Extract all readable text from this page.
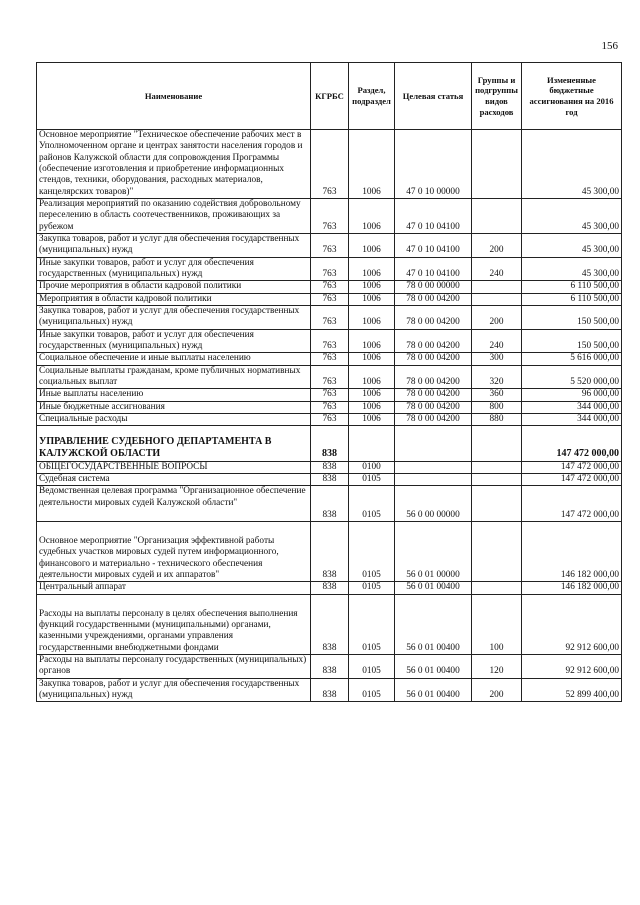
156
Наименование	КГРБС	Раздел, подраздел	Целевая статья	Группы и подгруппы видов расходов	Измененные бюджетные ассигнования на 2016 год
Основное мероприятие "Техническое обеспечение рабочих мест в Уполномоченном органе и центрах занятости населения городов и районов Калужской области для сопровождения Программы (обеспечение изготовления и приобретение информационных стендов, техники, оборудования, расходных материалов, канцелярских товаров)"	763	1006	47 0 10 00000		45 300,00
Реализация мероприятий по оказанию содействия добровольному переселению в область соотечественников, проживающих за рубежом	763	1006	47 0 10 04100		45 300,00
Закупка товаров, работ и услуг для обеспечения государственных (муниципальных) нужд	763	1006	47 0 10 04100	200	45 300,00
Иные закупки товаров, работ и услуг для обеспечения государственных (муниципальных) нужд	763	1006	47 0 10 04100	240	45 300,00
Прочие мероприятия в области кадровой политики	763	1006	78 0 00 00000		6 110 500,00
Мероприятия в области кадровой политики	763	1006	78 0 00 04200		6 110 500,00
Закупка товаров, работ и услуг для обеспечения государственных (муниципальных) нужд	763	1006	78 0 00 04200	200	150 500,00
Иные закупки товаров, работ и услуг для обеспечения государственных (муниципальных) нужд	763	1006	78 0 00 04200	240	150 500,00
Социальное обеспечение и иные выплаты населению	763	1006	78 0 00 04200	300	5 616 000,00
Социальные выплаты гражданам, кроме публичных нормативных социальных выплат	763	1006	78 0 00 04200	320	5 520 000,00
Иные выплаты населению	763	1006	78 0 00 04200	360	96 000,00
Иные бюджетные ассигнования	763	1006	78 0 00 04200	800	344 000,00
Специальные расходы	763	1006	78 0 00 04200	880	344 000,00
УПРАВЛЕНИЕ СУДЕБНОГО ДЕПАРТАМЕНТА В КАЛУЖСКОЙ ОБЛАСТИ	838				147 472 000,00
ОБЩЕГОСУДАРСТВЕННЫЕ ВОПРОСЫ	838	0100			147 472 000,00
Судебная система	838	0105			147 472 000,00
Ведомственная целевая программа "Организационное обеспечение деятельности мировых судей Калужской области"	838	0105	56 0 00 00000		147 472 000,00
Основное мероприятие "Организация эффективной работы судебных участков мировых судей путем информационного, финансового и материально - технического обеспечения деятельности мировых судей и их аппаратов"	838	0105	56 0 01 00000		146 182 000,00
Центральный аппарат	838	0105	56 0 01 00400		146 182 000,00
Расходы на выплаты персоналу в целях обеспечения выполнения функций государственными (муниципальными) органами, казенными учреждениями, органами управления государственными внебюджетными фондами	838	0105	56 0 01 00400	100	92 912 600,00
Расходы на выплаты персоналу государственных (муниципальных) органов	838	0105	56 0 01 00400	120	92 912 600,00
Закупка товаров, работ и услуг для обеспечения государственных (муниципальных) нужд	838	0105	56 0 01 00400	200	52 899 400,00
